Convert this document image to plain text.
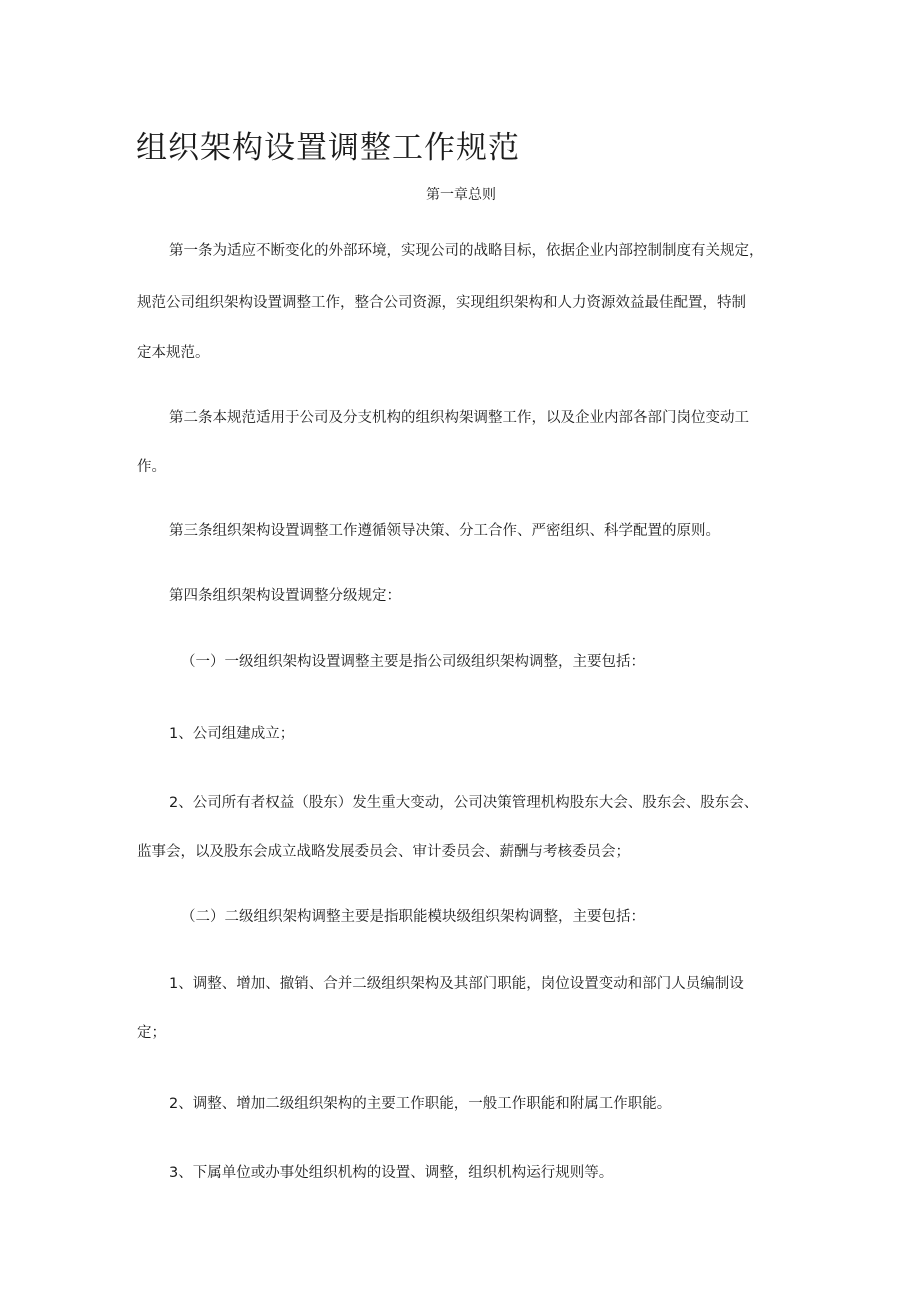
组织架构设置调整工作规范

第一章总则

第一条为适应不断变化的外部环境，实现公司的战略目标，依据企业内部控制制度有关规定，

规范公司组织架构设置调整工作，整合公司资源，实现组织架构和人力资源效益最佳配置，特制

定本规范。

第二条本规范适用于公司及分支机构的组织构架调整工作，以及企业内部各部门岗位变动工

作。

第三条组织架构设置调整工作遵循领导决策、分工合作、严密组织、科学配置的原则。

第四条组织架构设置调整分级规定：

（一）一级组织架构设置调整主要是指公司级组织架构调整，主要包括：

1、公司组建成立；

2、公司所有者权益（股东）发生重大变动，公司决策管理机构股东大会、股东会、股东会、

监事会，以及股东会成立战略发展委员会、审计委员会、薪酬与考核委员会；

（二）二级组织架构调整主要是指职能模块级组织架构调整，主要包括：

1、调整、增加、撤销、合并二级组织架构及其部门职能，岗位设置变动和部门人员编制设

定；

2、调整、增加二级组织架构的主要工作职能，一般工作职能和附属工作职能。

3、下属单位或办事处组织机构的设置、调整，组织机构运行规则等。
